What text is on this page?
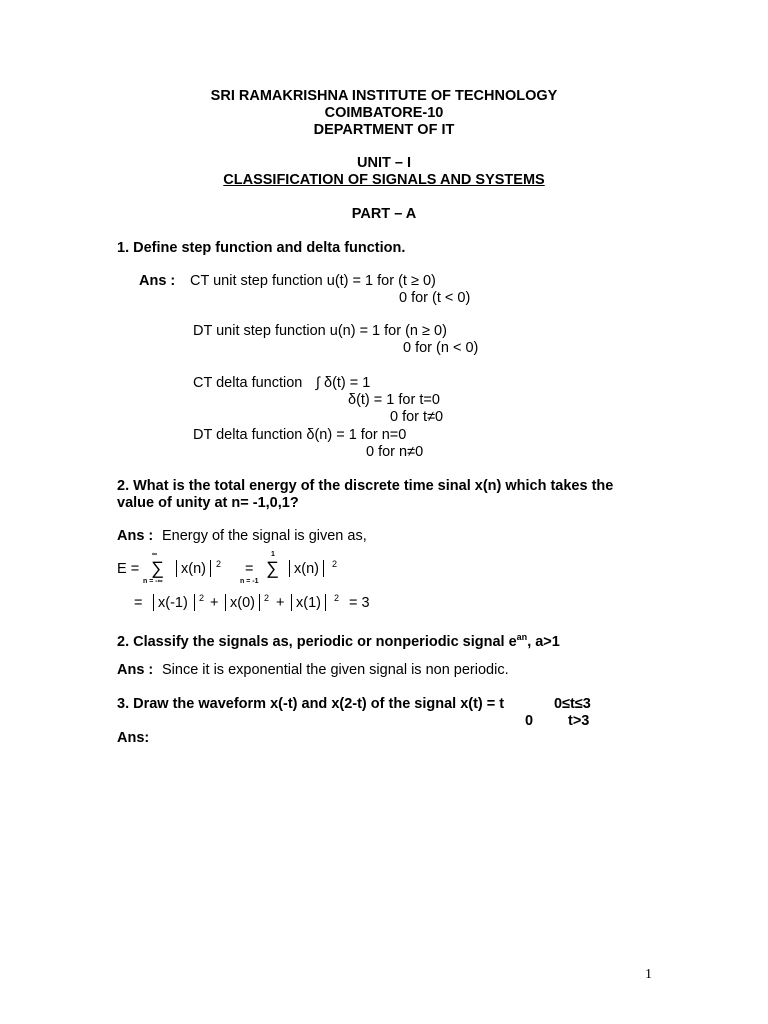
SRI RAMAKRISHNA INSTITUTE OF TECHNOLOGY
COIMBATORE-10
DEPARTMENT OF IT
UNIT – I
CLASSIFICATION OF SIGNALS AND SYSTEMS
PART – A
1. Define step function and delta function.
Ans : CT unit step function u(t) = 1 for (t ≥ 0)
0 for (t < 0)
DT unit step function u(n) = 1 for (n ≥ 0)
0 for (n < 0)
CT delta function ∫ δ(t) = 1
δ(t) = 1 for t=0
0 for t≠0
DT delta function δ(n) = 1 for n=0
0 for n≠0
2. What is the total energy of the discrete time sinal x(n) which takes the
value of unity at n= -1,0,1?
Ans : Energy of the signal is given as,
E =
∞
∑
n = -∞
x(n) 2 =
1
∑
n = -1
x(n) 2
= x(-1) 2 + x(0) 2 + x(1) 2 = 3
2. Classify the signals as, periodic or nonperiodic signal $e^{an}$, a>1
Ans : Since it is exponential the given signal is non periodic.
3. Draw the waveform x(-t) and x(2-t) of the signal x(t) = t	0≤t≤3
0 t>3
Ans:
1
